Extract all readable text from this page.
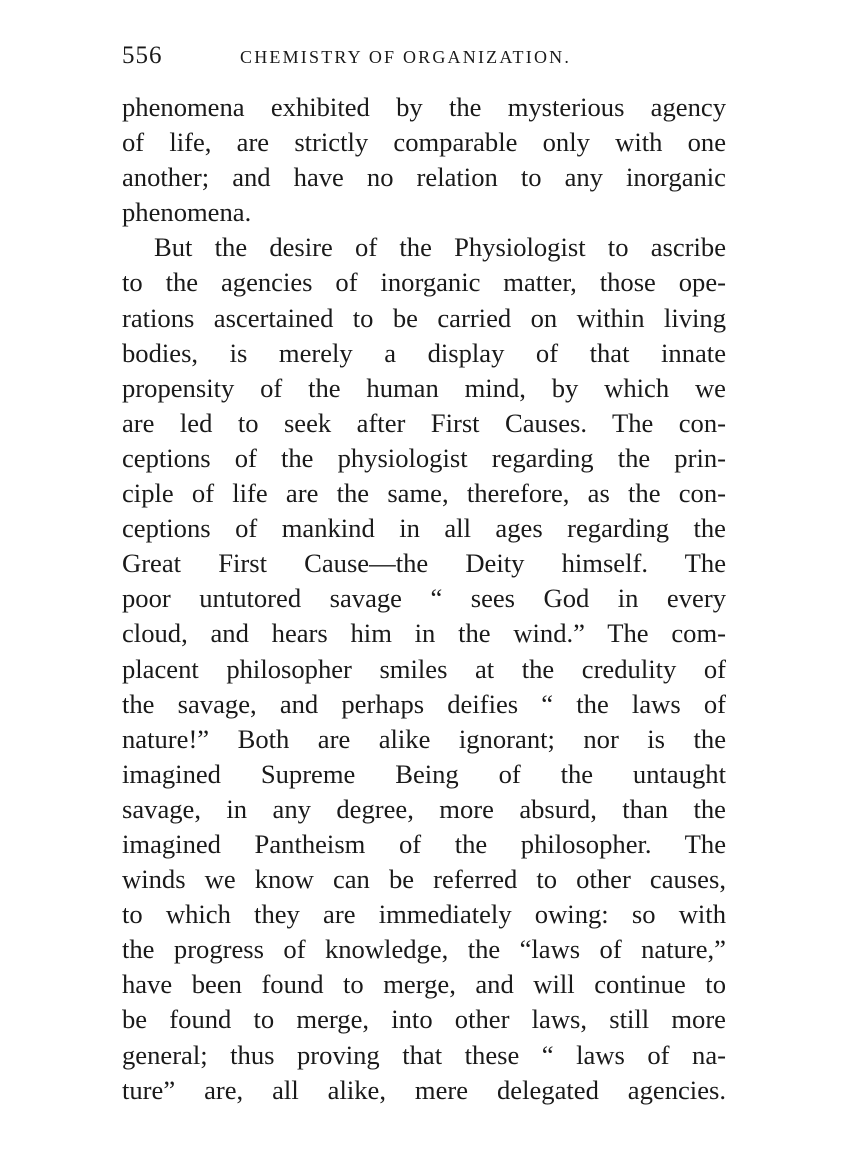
556	CHEMISTRY OF ORGANIZATION.
phenomena exhibited by the mysterious agency
of life, are strictly comparable only with one
another; and have no relation to any inorganic
phenomena.
But the desire of the Physiologist to ascribe
to the agencies of inorganic matter, those ope-
rations ascertained to be carried on within living
bodies, is merely a display of that innate
propensity of the human mind, by which we
are led to seek after First Causes. The con-
ceptions of the physiologist regarding the prin-
ciple of life are the same, therefore, as the con-
ceptions of mankind in all ages regarding the
Great First Cause—the Deity himself. The
poor untutored savage “ sees God in every
cloud, and hears him in the wind.” The com-
placent philosopher smiles at the credulity of
the savage, and perhaps deifies “ the laws of
nature!” Both are alike ignorant; nor is the
imagined Supreme Being of the untaught
savage, in any degree, more absurd, than the
imagined Pantheism of the philosopher. The
winds we know can be referred to other causes,
to which they are immediately owing: so with
the progress of knowledge, the “laws of nature,”
have been found to merge, and will continue to
be found to merge, into other laws, still more
general; thus proving that these “ laws of na-
ture” are, all alike, mere delegated agencies.
